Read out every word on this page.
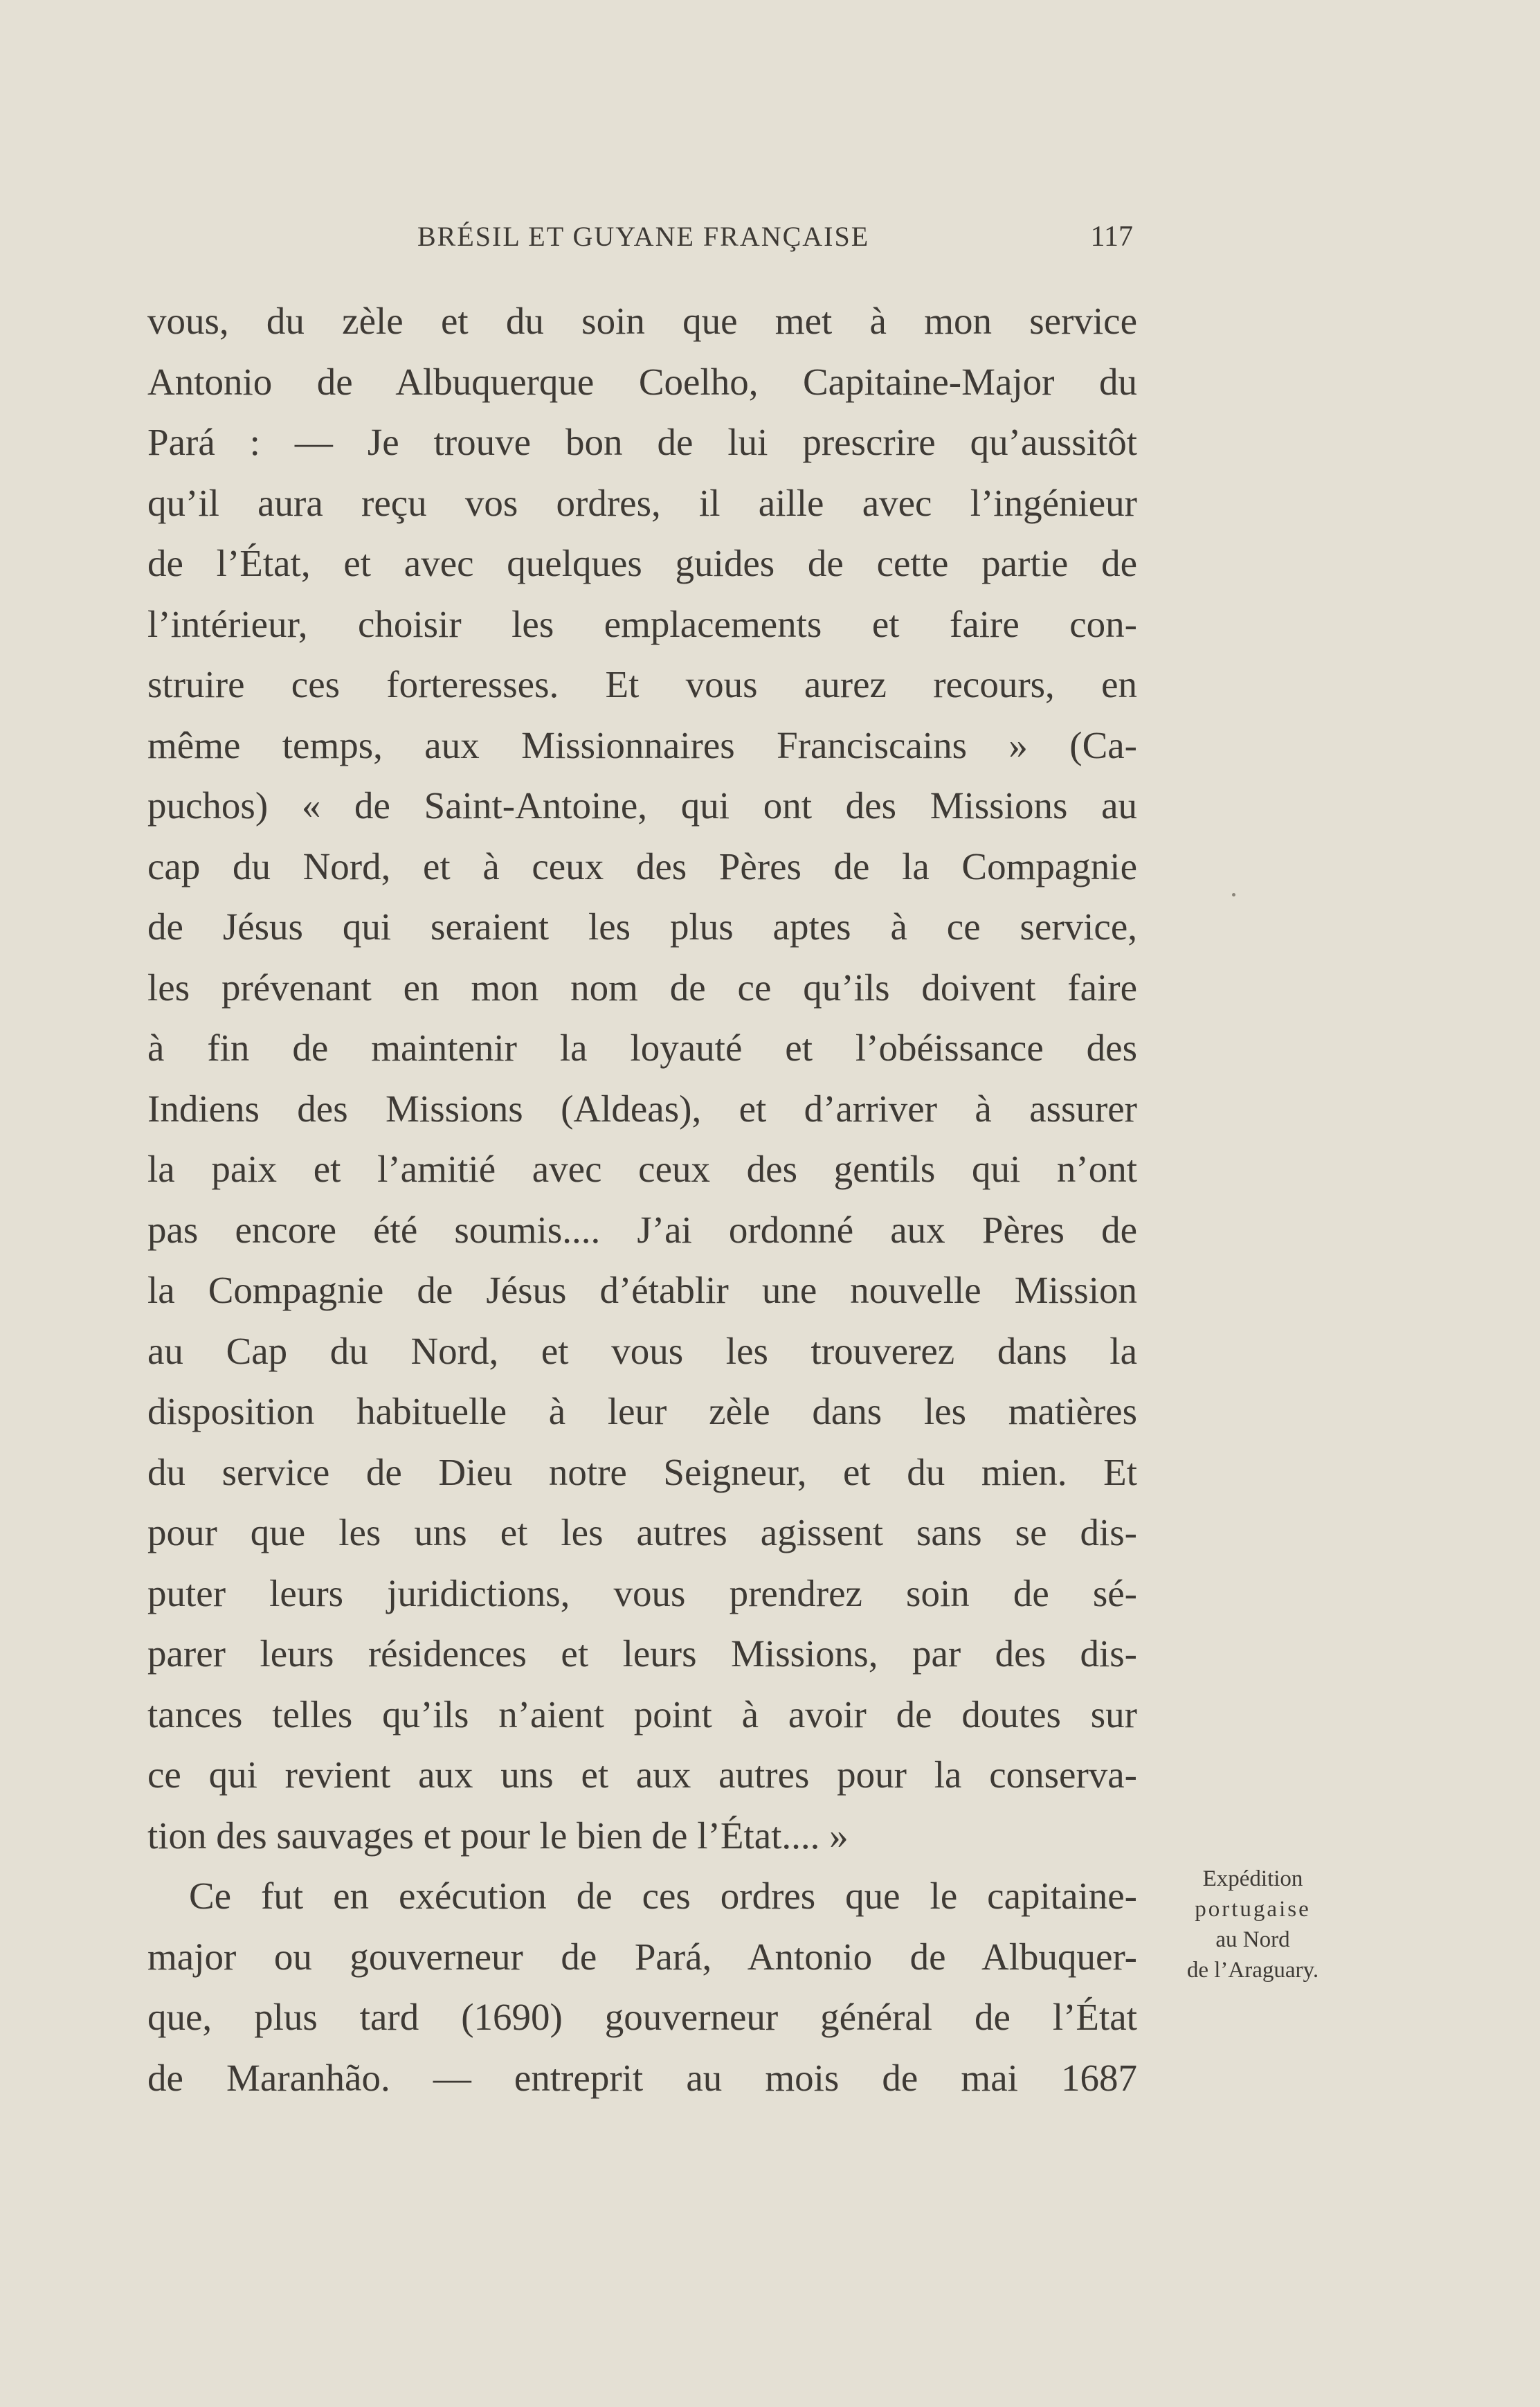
BRÉSIL ET GUYANE FRANÇAISE	117
vous, du zèle et du soin que met à mon service
Antonio de Albuquerque Coelho, Capitaine-Major du
Pará : — Je trouve bon de lui prescrire qu’aussitôt
qu’il aura reçu vos ordres, il aille avec l’ingénieur
de l’État, et avec quelques guides de cette partie de
l’intérieur, choisir les emplacements et faire con-
struire ces forteresses. Et vous aurez recours, en
même temps, aux Missionnaires Franciscains » (Ca-
puchos) « de Saint-Antoine, qui ont des Missions au
cap du Nord, et à ceux des Pères de la Compagnie
de Jésus qui seraient les plus aptes à ce service,
les prévenant en mon nom de ce qu’ils doivent faire
à fin de maintenir la loyauté et l’obéissance des
Indiens des Missions (Aldeas), et d’arriver à assurer
la paix et l’amitié avec ceux des gentils qui n’ont
pas encore été soumis.... J’ai ordonné aux Pères de
la Compagnie de Jésus d’établir une nouvelle Mission
au Cap du Nord, et vous les trouverez dans la
disposition habituelle à leur zèle dans les matières
du service de Dieu notre Seigneur, et du mien. Et
pour que les uns et les autres agissent sans se dis-
puter leurs juridictions, vous prendrez soin de sé-
parer leurs résidences et leurs Missions, par des dis-
tances telles qu’ils n’aient point à avoir de doutes sur
ce qui revient aux uns et aux autres pour la conserva-
tion des sauvages et pour le bien de l’État.... »
Ce fut en exécution de ces ordres que le capitaine-
major ou gouverneur de Pará, Antonio de Albuquer-
que, plus tard (1690) gouverneur général de l’État
de Maranhão. — entreprit au mois de mai 1687
Expédition
portugaise
au Nord
de l’Araguary.
